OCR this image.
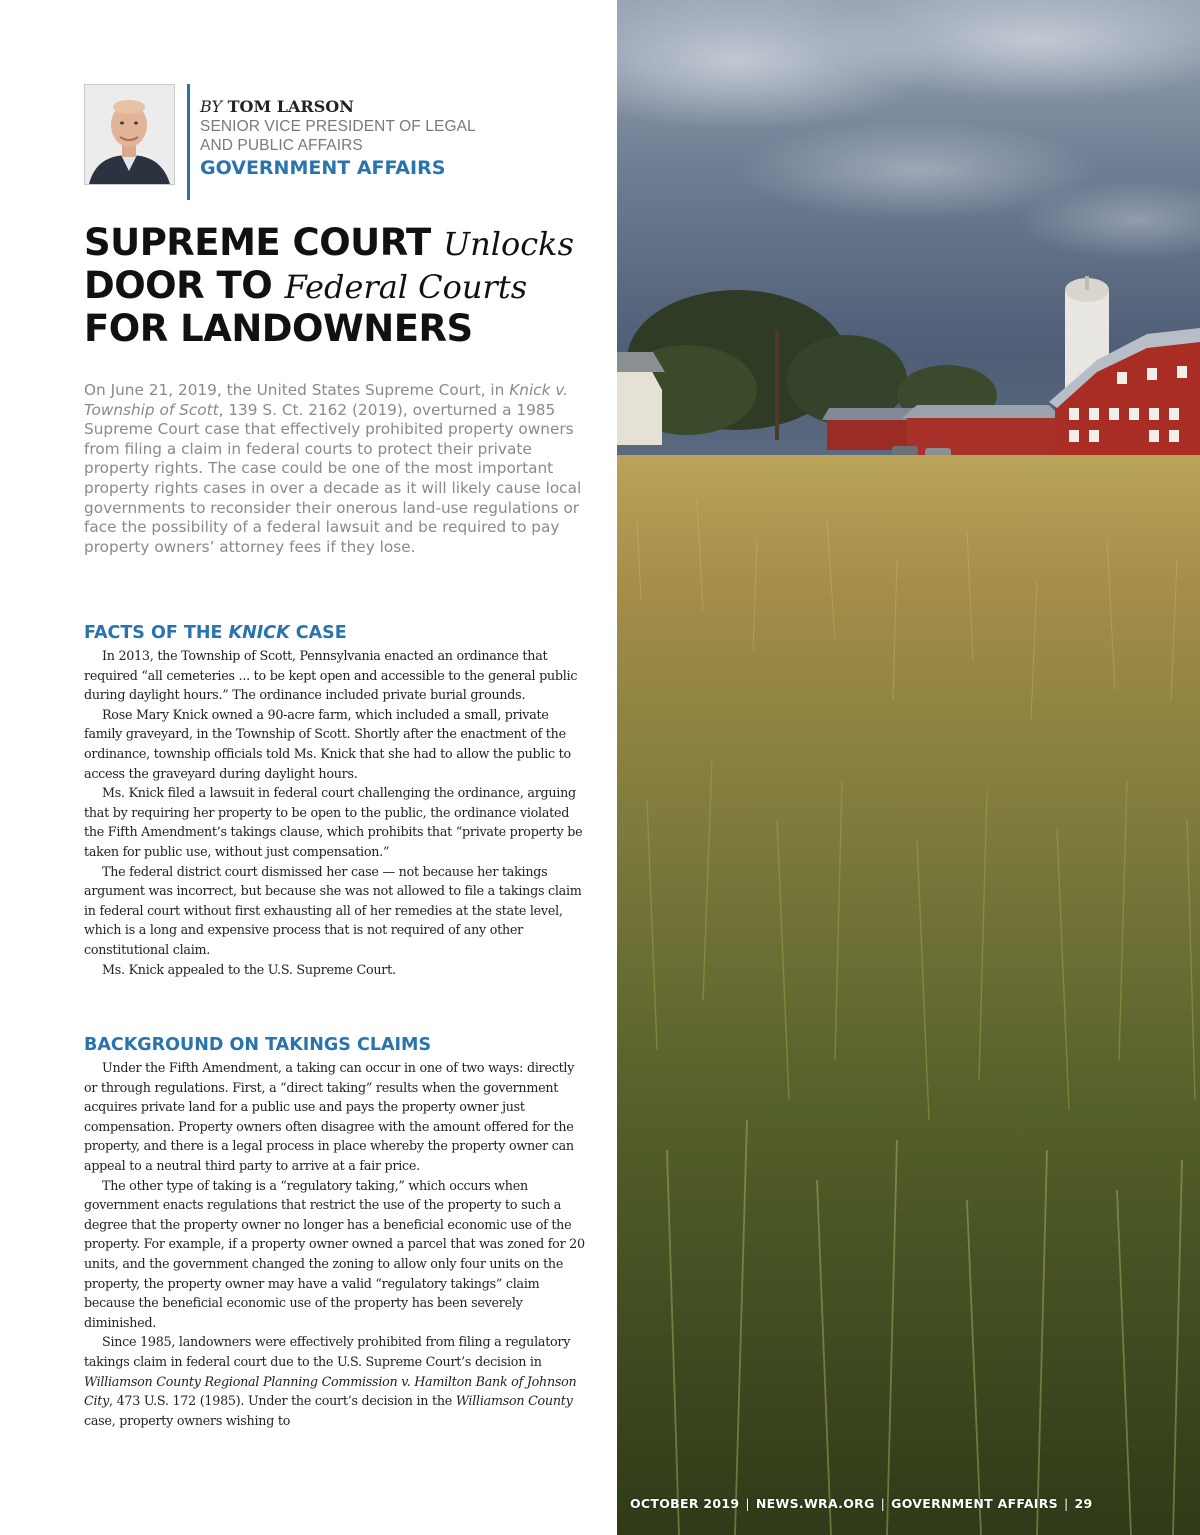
BY TOM LARSON
SENIOR VICE PRESIDENT OF LEGAL
AND PUBLIC AFFAIRS
GOVERNMENT AFFAIRS
SUPREME COURT Unlocks
DOOR TO Federal Courts
FOR LANDOWNERS
On June 21, 2019, the United States Supreme Court, in Knick v. Township of Scott, 139 S. Ct. 2162 (2019), overturned a 1985 Supreme Court case that effectively prohibited property owners from filing a claim in federal courts to protect their private property rights. The case could be one of the most important property rights cases in over a decade as it will likely cause local governments to reconsider their onerous land-use regulations or face the possibility of a federal lawsuit and be required to pay property owners’ attorney fees if they lose.
FACTS OF THE KNICK CASE

In 2013, the Township of Scott, Pennsylvania enacted an ordinance that required “all cemeteries ... to be kept open and accessible to the general public during daylight hours.” The ordinance included private burial grounds.

Rose Mary Knick owned a 90-acre farm, which included a small, private family graveyard, in the Township of Scott. Shortly after the enactment of the ordinance, township officials told Ms. Knick that she had to allow the public to access the graveyard during daylight hours.

Ms. Knick filed a lawsuit in federal court challenging the ordinance, arguing that by requiring her property to be open to the public, the ordinance violated the Fifth Amendment’s takings clause, which prohibits that “private property be taken for public use, without just compensation.”

The federal district court dismissed her case — not because her takings argument was incorrect, but because she was not allowed to file a takings claim in federal court without first exhausting all of her remedies at the state level, which is a long and expensive process that is not required of any other constitutional claim.

Ms. Knick appealed to the U.S. Supreme Court.

BACKGROUND ON TAKINGS CLAIMS

Under the Fifth Amendment, a taking can occur in one of two ways: directly or through regulations. First, a “direct taking” results when the government acquires private land for a public use and pays the property owner just compensation. Property owners often disagree with the amount offered for the property, and there is a legal process in place whereby the property owner can appeal to a neutral third party to arrive at a fair price.

The other type of taking is a “regulatory taking,” which occurs when government enacts regulations that restrict the use of the property to such a degree that the property owner no longer has a beneficial economic use of the property. For example, if a property owner owned a parcel that was zoned for 20 units, and the government changed the zoning to allow only four units on the property, the property owner may have a valid “regulatory takings” claim because the beneficial economic use of the property has been severely diminished.

Since 1985, landowners were effectively prohibited from filing a regulatory takings claim in federal court due to the U.S. Supreme Court’s decision in Williamson County Regional Planning Commission v. Hamilton Bank of Johnson City, 473 U.S. 172 (1985). Under the court’s decision in the Williamson County case, property owners wishing to

OCTOBER 2019 | NEWS.WRA.ORG | GOVERNMENT AFFAIRS | 29
